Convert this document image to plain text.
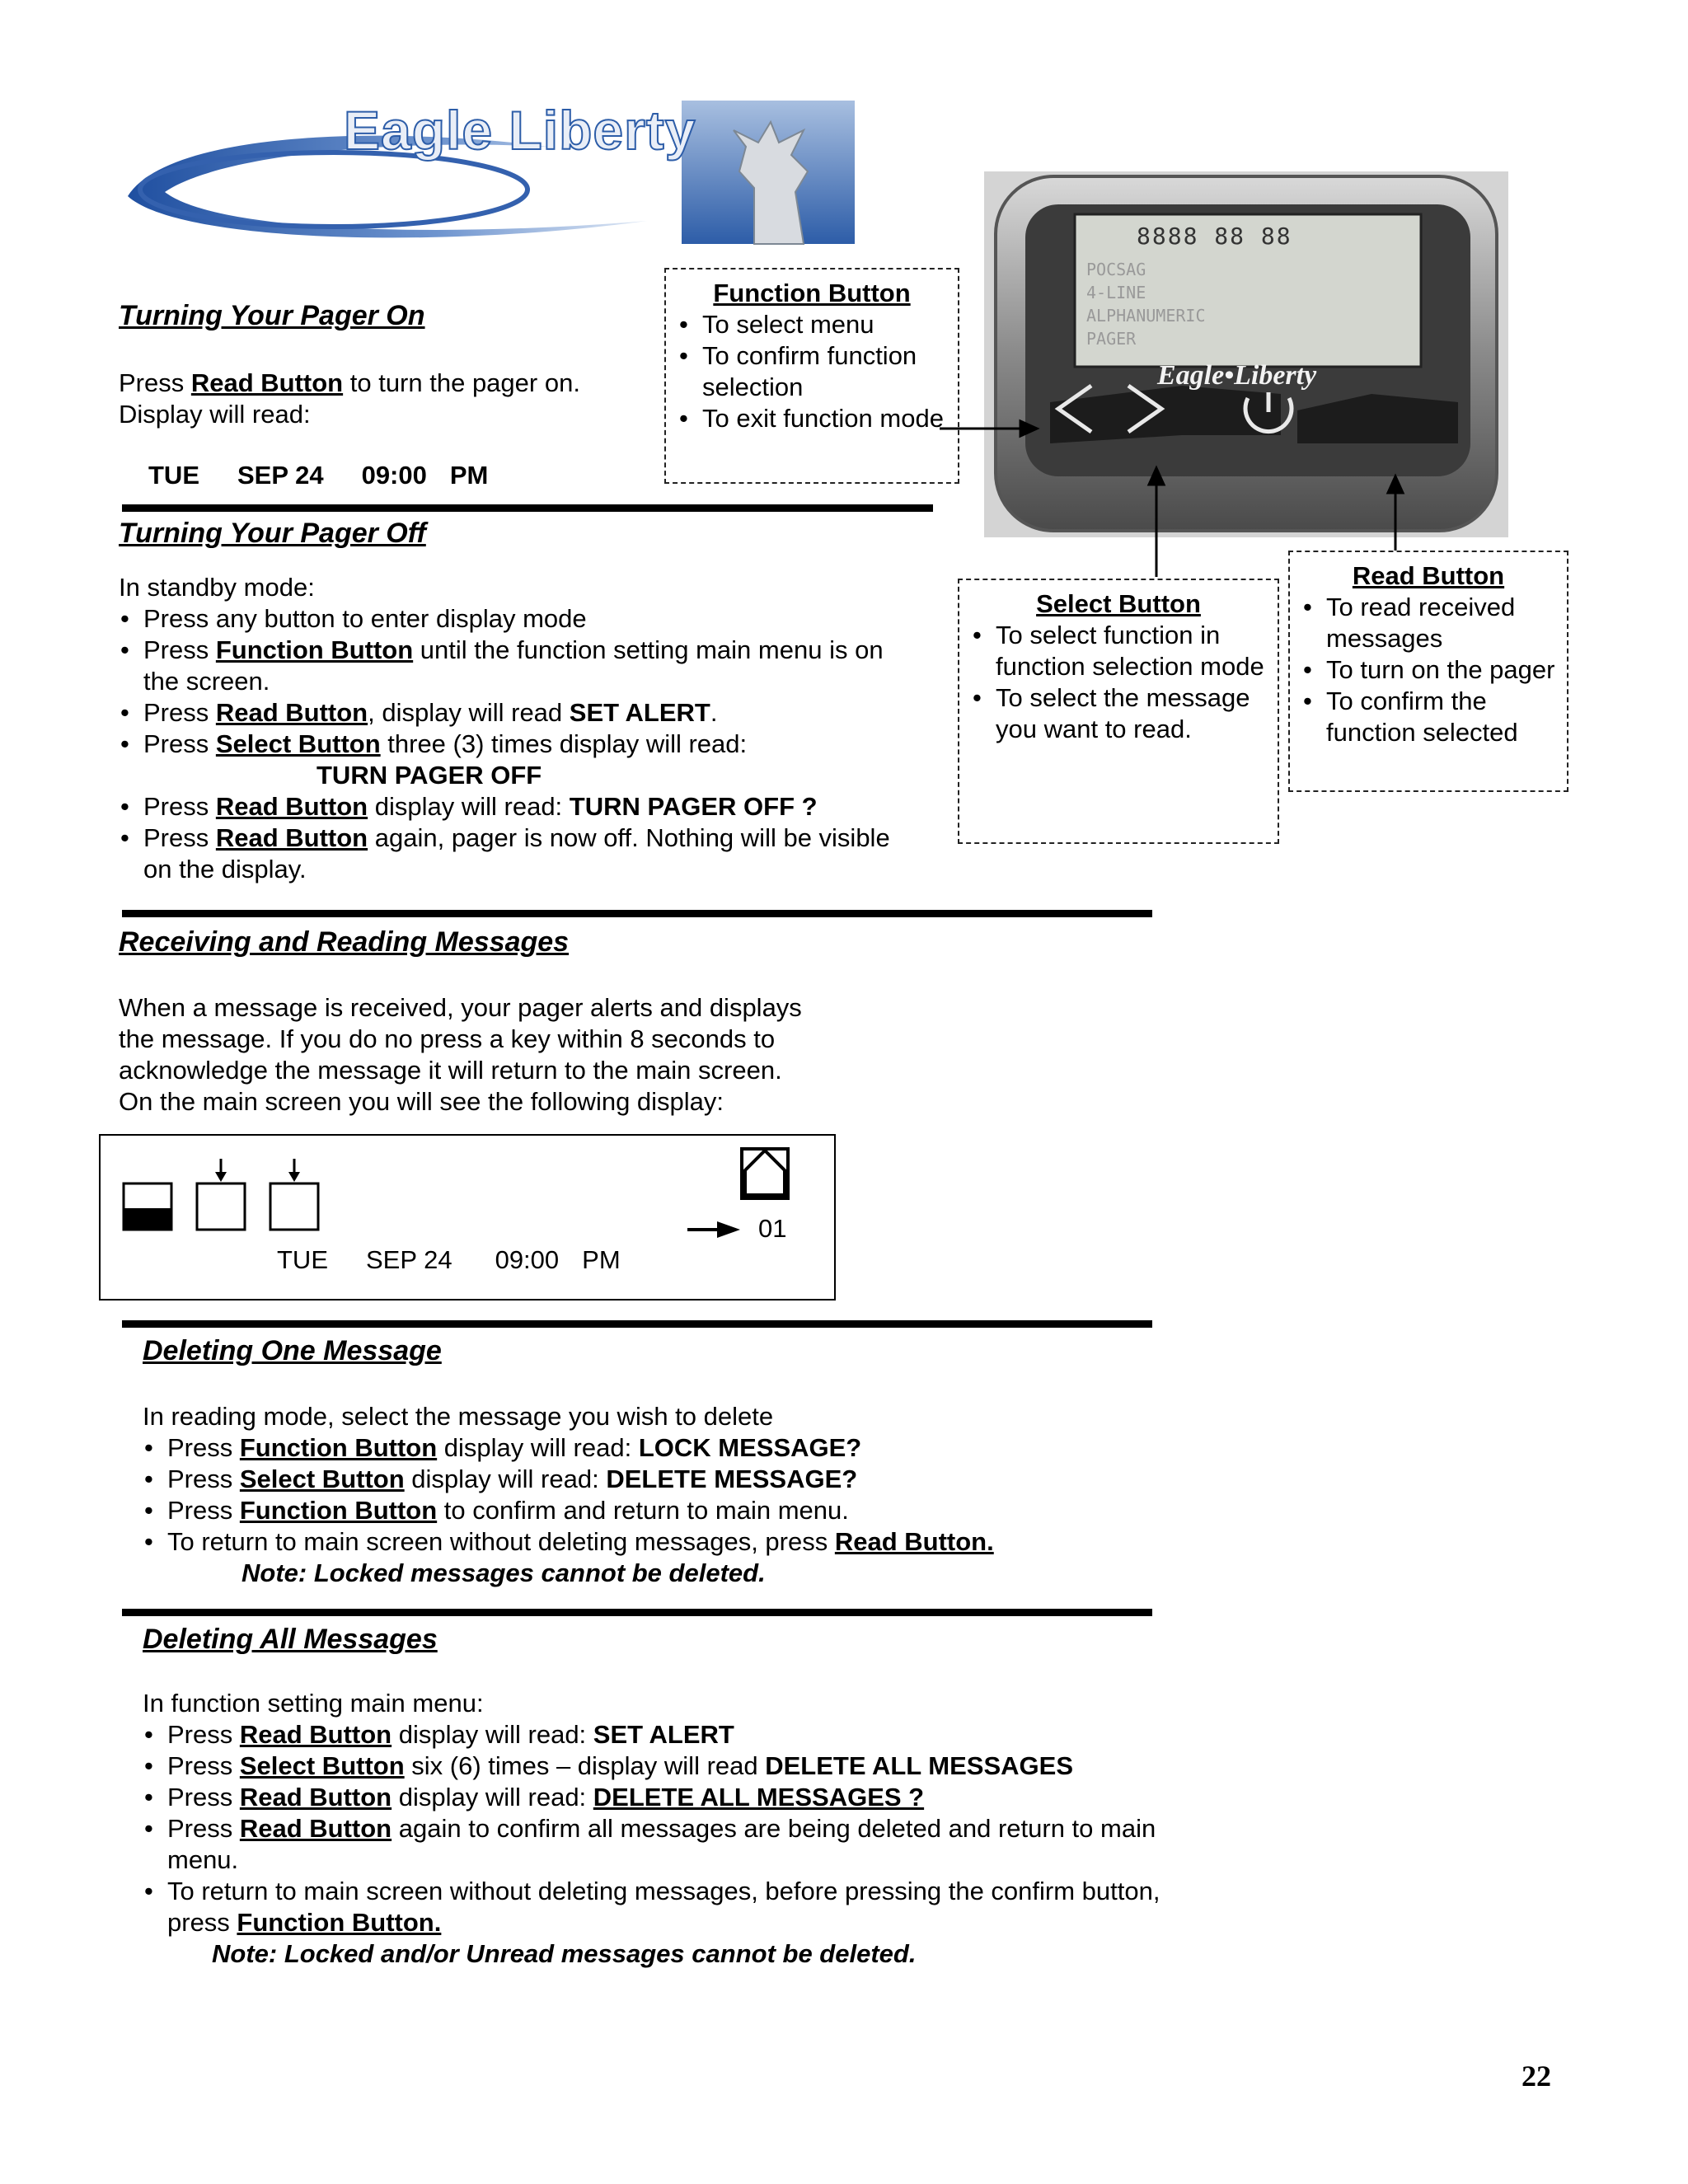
Eagle Liberty
8888 88 88
POCSAG
4-LINE
ALPHANUMERIC
PAGER
Eagle•Liberty
Function Button
• To select menu
• To confirm function selection
• To exit function mode
Select Button
• To select function in function selection mode
• To select the message you want to read.
Read Button
• To read received messages
• To turn on the pager
• To confirm the function selected
Turning Your Pager On
Press Read Button to turn the pager on.
Display will read:
TUE SEP 24 09:00 PM
Turning Your Pager Off
In standby mode:
• Press any button to enter display mode
• Press Function Button until the function setting main menu is on the screen.
• Press Read Button, display will read SET ALERT.
• Press Select Button three (3) times display will read:
TURN PAGER OFF
• Press Read Button display will read: TURN PAGER OFF ?
• Press Read Button again, pager is now off. Nothing will be visible on the display.
Receiving and Reading Messages
When a message is received, your pager alerts and displays
the message. If you do no press a key within 8 seconds to
acknowledge the message it will return to the main screen.
On the main screen you will see the following display:
01
TUE SEP 24 09:00 PM
Deleting One Message
In reading mode, select the message you wish to delete
• Press Function Button display will read: LOCK MESSAGE?
• Press Select Button display will read: DELETE MESSAGE?
• Press Function Button to confirm and return to main menu.
• To return to main screen without deleting messages, press Read Button.
Note: Locked messages cannot be deleted.
Deleting All Messages
In function setting main menu:
• Press Read Button display will read: SET ALERT
• Press Select Button six (6) times – display will read DELETE ALL MESSAGES
• Press Read Button display will read: DELETE ALL MESSAGES ?
• Press Read Button again to confirm all messages are being deleted and return to main menu.
• To return to main screen without deleting messages, before pressing the confirm button, press Function Button.
Note: Locked and/or Unread messages cannot be deleted.
22
